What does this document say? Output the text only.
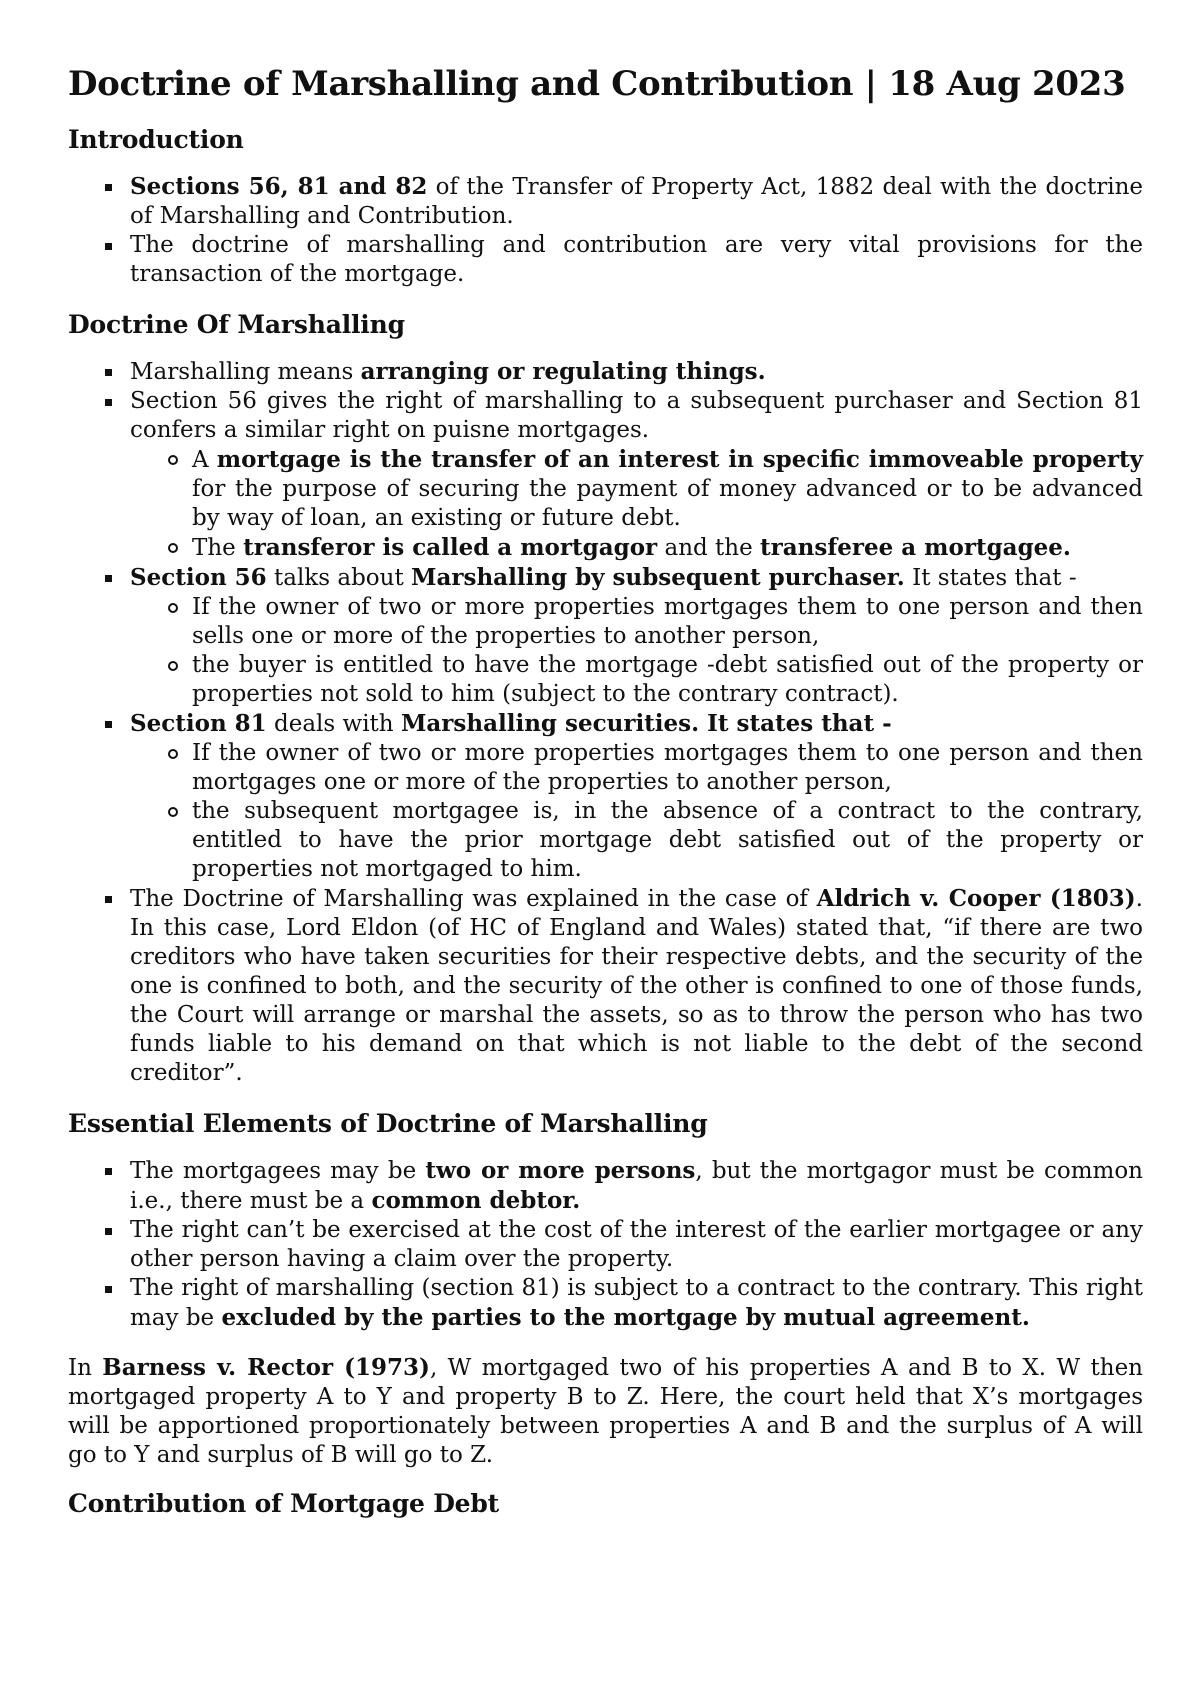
Doctrine of Marshalling and Contribution | 18 Aug 2023
Introduction
Sections 56, 81 and 82 of the Transfer of Property Act, 1882 deal with the doctrine of Marshalling and Contribution.
The doctrine of marshalling and contribution are very vital provisions for the transaction of the mortgage.
Doctrine Of Marshalling
Marshalling means arranging or regulating things.
Section 56 gives the right of marshalling to a subsequent purchaser and Section 81 confers a similar right on puisne mortgages.
A mortgage is the transfer of an interest in specific immoveable property for the purpose of securing the payment of money advanced or to be advanced by way of loan, an existing or future debt.
The transferor is called a mortgagor and the transferee a mortgagee.
Section 56 talks about Marshalling by subsequent purchaser. It states that -
If the owner of two or more properties mortgages them to one person and then sells one or more of the properties to another person,
the buyer is entitled to have the mortgage -debt satisfied out of the property or properties not sold to him (subject to the contrary contract).
Section 81 deals with Marshalling securities. It states that -
If the owner of two or more properties mortgages them to one person and then mortgages one or more of the properties to another person,
the subsequent mortgagee is, in the absence of a contract to the contrary, entitled to have the prior mortgage debt satisfied out of the property or properties not mortgaged to him.
The Doctrine of Marshalling was explained in the case of Aldrich v. Cooper (1803). In this case, Lord Eldon (of HC of England and Wales) stated that, “if there are two creditors who have taken securities for their respective debts, and the security of the one is confined to both, and the security of the other is confined to one of those funds, the Court will arrange or marshal the assets, so as to throw the person who has two funds liable to his demand on that which is not liable to the debt of the second creditor”.
Essential Elements of Doctrine of Marshalling
The mortgagees may be two or more persons, but the mortgagor must be common i.e., there must be a common debtor.
The right can’t be exercised at the cost of the interest of the earlier mortgagee or any other person having a claim over the property.
The right of marshalling (section 81) is subject to a contract to the contrary. This right may be excluded by the parties to the mortgage by mutual agreement.

In Barness v. Rector (1973), W mortgaged two of his properties A and B to X. W then mortgaged property A to Y and property B to Z. Here, the court held that X’s mortgages will be apportioned proportionately between properties A and B and the surplus of A will go to Y and surplus of B will go to Z.

Contribution of Mortgage Debt
